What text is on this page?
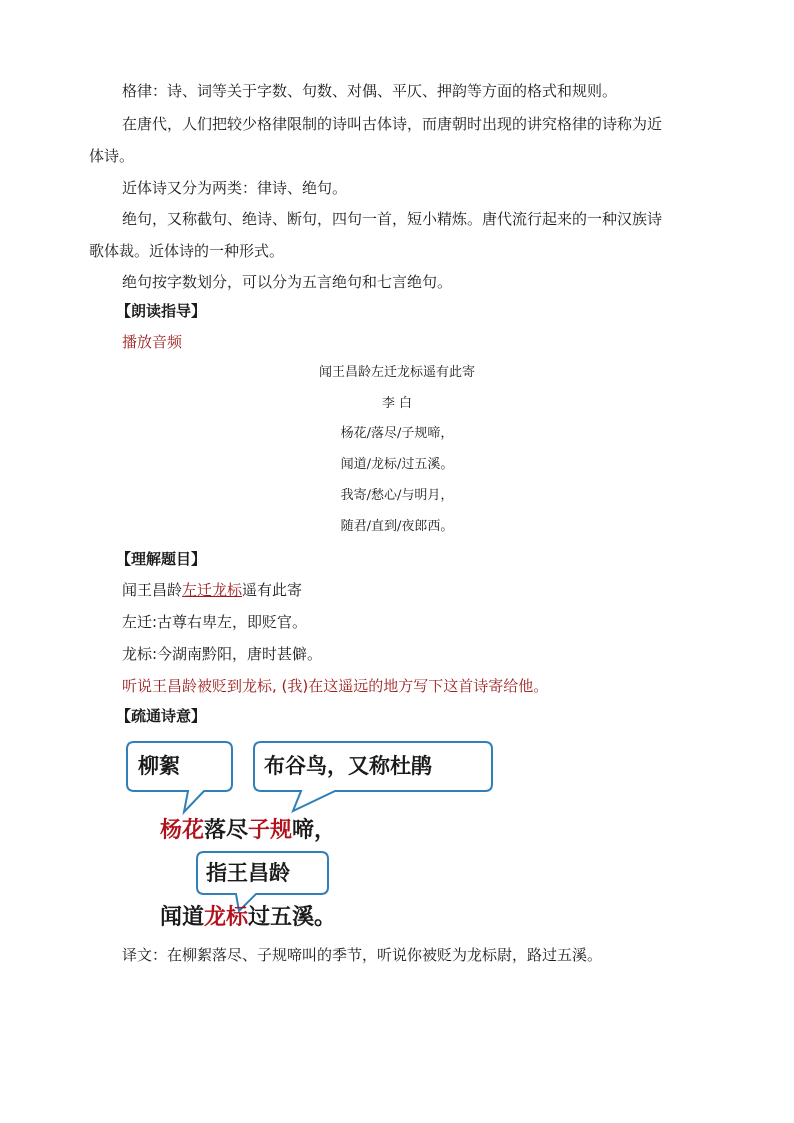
格律：诗、词等关于字数、句数、对偶、平仄、押韵等方面的格式和规则。
在唐代，人们把较少格律限制的诗叫古体诗，而唐朝时出现的讲究格律的诗称为近
体诗。
近体诗又分为两类：律诗、绝句。
绝句，又称截句、绝诗、断句，四句一首，短小精炼。唐代流行起来的一种汉族诗
歌体裁。近体诗的一种形式。
绝句按字数划分，可以分为五言绝句和七言绝句。
【朗读指导】
播放音频
闻王昌龄左迁龙标遥有此寄
李 白
杨花/落尽/子规啼，
闻道/龙标/过五溪。
我寄/愁心/与明月，
随君/直到/夜郎西。
【理解题目】
闻王昌龄左迁龙标遥有此寄
左迁:古尊右卑左，即贬官。
龙标:今湖南黔阳，唐时甚僻。
听说王昌龄被贬到龙标, (我)在这遥远的地方写下这首诗寄给他。
【疏通诗意】
柳絮	布谷鸟，又称杜鹃
杨花落尽子规啼，
指王昌龄
闻道龙标过五溪。
译文：在柳絮落尽、子规啼叫的季节，听说你被贬为龙标尉，路过五溪。
